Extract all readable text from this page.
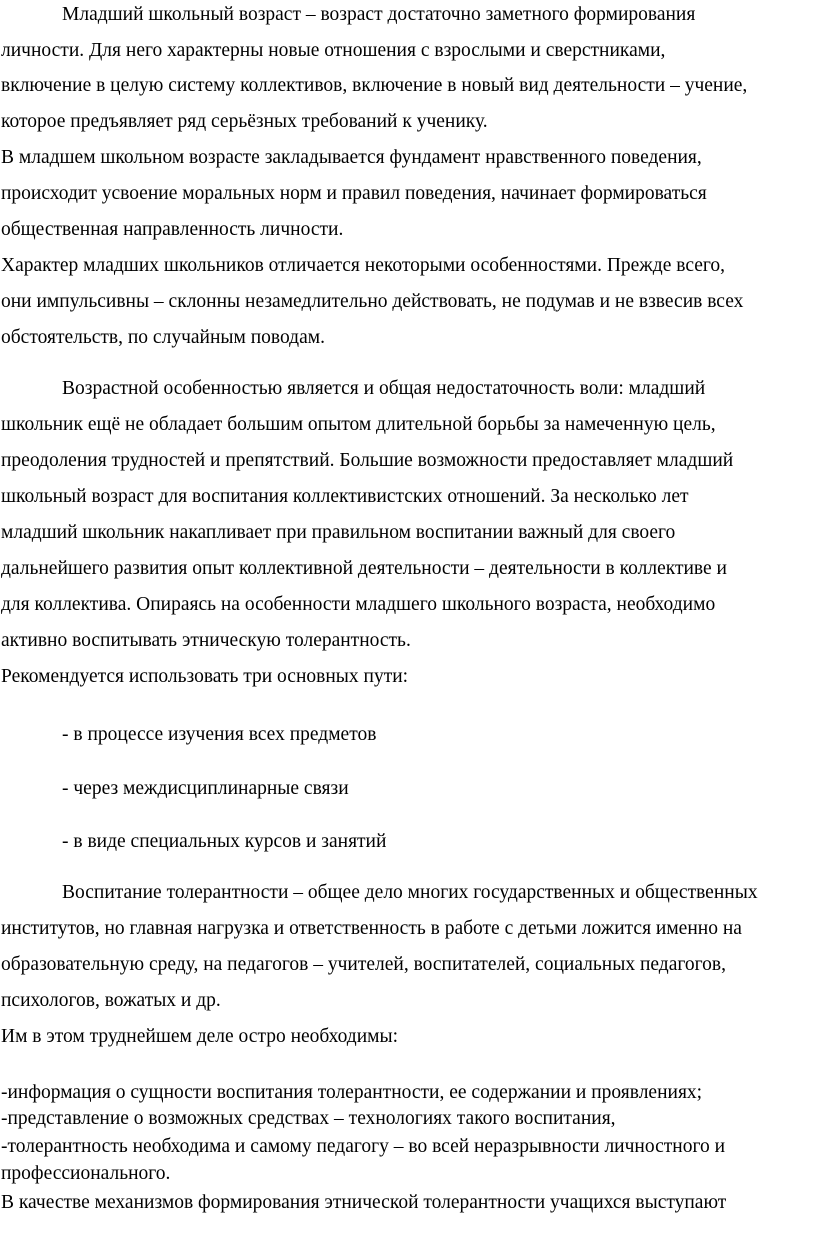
Младший школьный возраст – возраст достаточно заметного формирования
личности. Для него характерны новые отношения с взрослыми и сверстниками,
включение в целую систему коллективов, включение в новый вид деятельности – учение,
которое предъявляет ряд серьёзных требований к ученику.
В младшем школьном возрасте закладывается фундамент нравственного поведения,
происходит усвоение моральных норм и правил поведения, начинает формироваться
общественная направленность личности.
Характер младших школьников отличается некоторыми особенностями. Прежде всего,
они импульсивны – склонны незамедлительно действовать, не подумав и не взвесив всех
обстоятельств, по случайным поводам.
Возрастной особенностью является и общая недостаточность воли: младший
школьник ещё не обладает большим опытом длительной борьбы за намеченную цель,
преодоления трудностей и препятствий. Большие возможности предоставляет младший
школьный возраст для воспитания коллективистских отношений. За несколько лет
младший школьник накапливает при правильном воспитании важный для своего
дальнейшего развития опыт коллективной деятельности – деятельности в коллективе и
для коллектива. Опираясь на особенности младшего школьного возраста, необходимо
активно воспитывать этническую толерантность.
Рекомендуется использовать три основных пути:
- в процессе изучения всех предметов
- через междисциплинарные связи
- в виде специальных курсов и занятий
Воспитание толерантности – общее дело многих государственных и общественных
институтов, но главная нагрузка и ответственность в работе с детьми ложится именно на
образовательную среду, на педагогов – учителей, воспитателей, социальных педагогов,
психологов, вожатых и др.
Им в этом труднейшем деле остро необходимы:
-информация о сущности воспитания толерантности, ее содержании и проявлениях;
-представление о возможных средствах – технологиях такого воспитания,
-толерантность необходима и самому педагогу – во всей неразрывности личностного и
профессионального.
В качестве механизмов формирования этнической толерантности учащихся выступают
